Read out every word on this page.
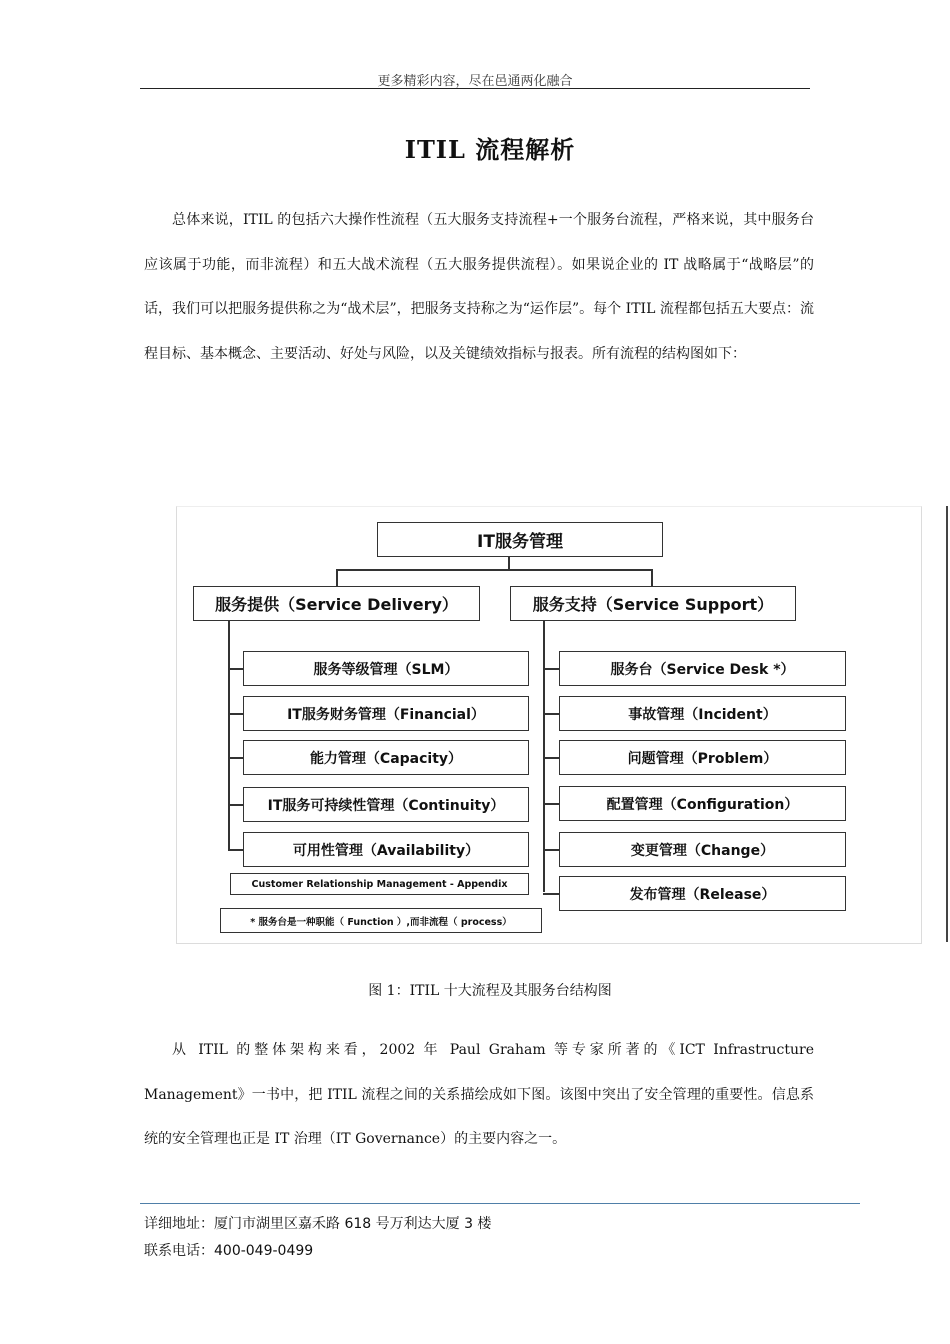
更多精彩内容，尽在邑通两化融合
ITIL 流程解析

总体来说，ITIL 的包括六大操作性流程（五大服务支持流程+一个服务台流程，严格来说，其中服务台应该属于功能，而非流程）和五大战术流程（五大服务提供流程）。如果说企业的 IT 战略属于“战略层”的话，我们可以把服务提供称之为“战术层”，把服务支持称之为“运作层”。每个 ITIL 流程都包括五大要点：流程目标、基本概念、主要活动、好处与风险，以及关键绩效指标与报表。所有流程的结构图如下：

IT服务管理
服务提供（Service Delivery）	服务支持（Service Support）
Customer Relationship Management - Appendix
* 服务台是一种职能（ Function ）,而非流程（ process）
服务等级管理（SLM）
IT服务财务管理（Financial）
能力管理（Capacity）
IT服务可持续性管理（Continuity）
可用性管理（Availability）
服务台（Service Desk *）
事故管理（Incident）
问题管理（Problem）
配置管理（Configuration）
变更管理（Change）
发布管理（Release）
图 1：ITIL 十大流程及其服务台结构图

从 ITIL 的整体架构来看，2002 年 Paul Graham 等专家所著的《ICT Infrastructure Management》一书中，把 ITIL 流程之间的关系描绘成如下图。该图中突出了安全管理的重要性。信息系统的安全管理也正是 IT 治理（IT Governance）的主要内容之一。

详细地址：厦门市湖里区嘉禾路 618 号万利达大厦 3 楼
联系电话：400-049-0499
